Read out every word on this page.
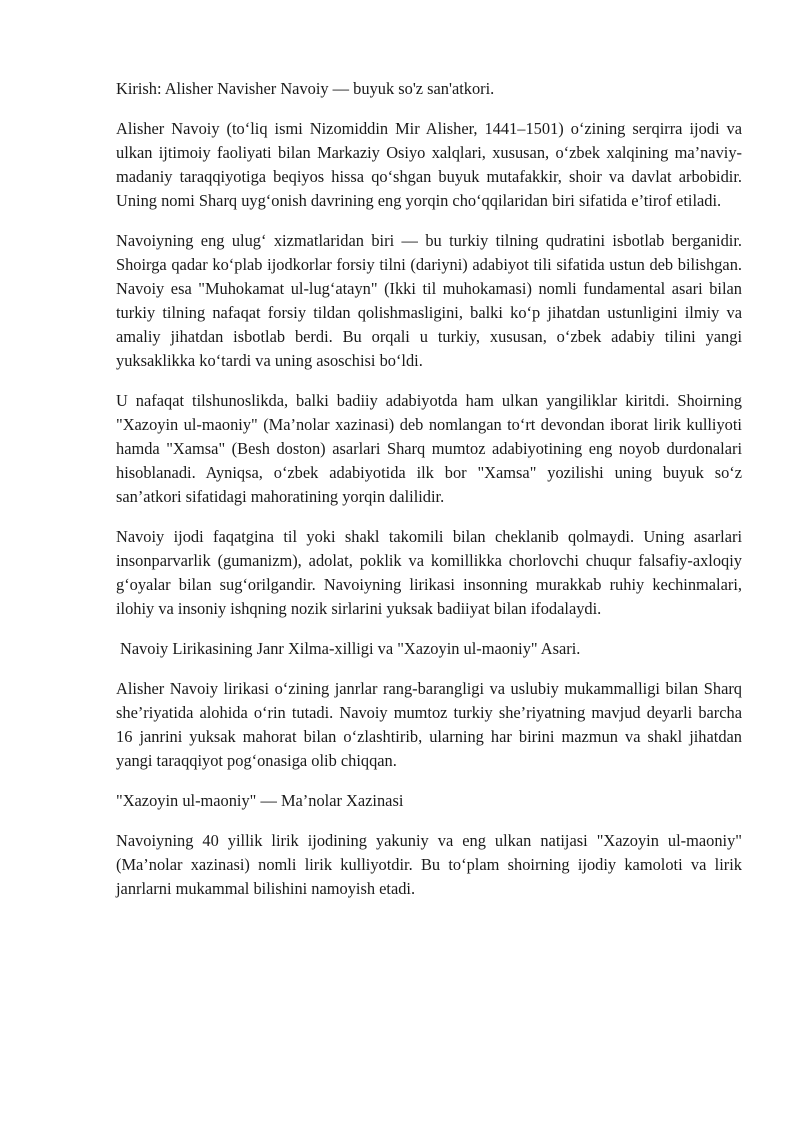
Kirish: Alisher Navisher Navoiy — buyuk so'z san'atkori.
Alisher Navoiy (to‘liq ismi Nizomiddin Mir Alisher, 1441–1501) o‘zining serqirra ijodi va ulkan ijtimoiy faoliyati bilan Markaziy Osiyo xalqlari, xususan, o‘zbek xalqining ma’naviy-madaniy taraqqiyotiga beqiyos hissa qo‘shgan buyuk mutafakkir, shoir va davlat arbobidir. Uning nomi Sharq uyg‘onish davrining eng yorqin cho‘qqilaridan biri sifatida e’tirof etiladi.
Navoiyning eng ulug‘ xizmatlaridan biri — bu turkiy tilning qudratini isbotlab berganidir. Shoirga qadar ko‘plab ijodkorlar forsiy tilni (dariyni) adabiyot tili sifatida ustun deb bilishgan. Navoiy esa "Muhokamat ul-lug‘atayn" (Ikki til muhokamasi) nomli fundamental asari bilan turkiy tilning nafaqat forsiy tildan qolishmasligini, balki ko‘p jihatdan ustunligini ilmiy va amaliy jihatdan isbotlab berdi. Bu orqali u turkiy, xususan, o‘zbek adabiy tilini yangi yuksaklikka ko‘tardi va uning asoschisi bo‘ldi.
U nafaqat tilshunoslikda, balki badiiy adabiyotda ham ulkan yangiliklar kiritdi. Shoirning "Xazoyin ul-maoniy" (Ma’nolar xazinasi) deb nomlangan to‘rt devondan iborat lirik kulliyoti hamda "Xamsa" (Besh doston) asarlari Sharq mumtoz adabiyotining eng noyob durdonalari hisoblanadi. Ayniqsa, o‘zbek adabiyotida ilk bor "Xamsa" yozilishi uning buyuk so‘z san’atkori sifatidagi mahoratining yorqin dalilidir.
Navoiy ijodi faqatgina til yoki shakl takomili bilan cheklanib qolmaydi. Uning asarlari insonparvarlik (gumanizm), adolat, poklik va komillikka chorlovchi chuqur falsafiy-axloqiy g‘oyalar bilan sug‘orilgandir. Navoiyning lirikasi insonning murakkab ruhiy kechinmalari, ilohiy va insoniy ishqning nozik sirlarini yuksak badiiyat bilan ifodalaydi.
Navoiy Lirikasining Janr Xilma-xilligi va "Xazoyin ul-maoniy" Asari.
Alisher Navoiy lirikasi o‘zining janrlar rang-barangligi va uslubiy mukammalligi bilan Sharq she’riyatida alohida o‘rin tutadi. Navoiy mumtoz turkiy she’riyatning mavjud deyarli barcha 16 janrini yuksak mahorat bilan o‘zlashtirib, ularning har birini mazmun va shakl jihatdan yangi taraqqiyot pog‘onasiga olib chiqqan.
"Xazoyin ul-maoniy" — Ma’nolar Xazinasi
Navoiyning 40 yillik lirik ijodining yakuniy va eng ulkan natijasi "Xazoyin ul-maoniy" (Ma’nolar xazinasi) nomli lirik kulliyotdir. Bu to‘plam shoirning ijodiy kamoloti va lirik janrlarni mukammal bilishini namoyish etadi.
